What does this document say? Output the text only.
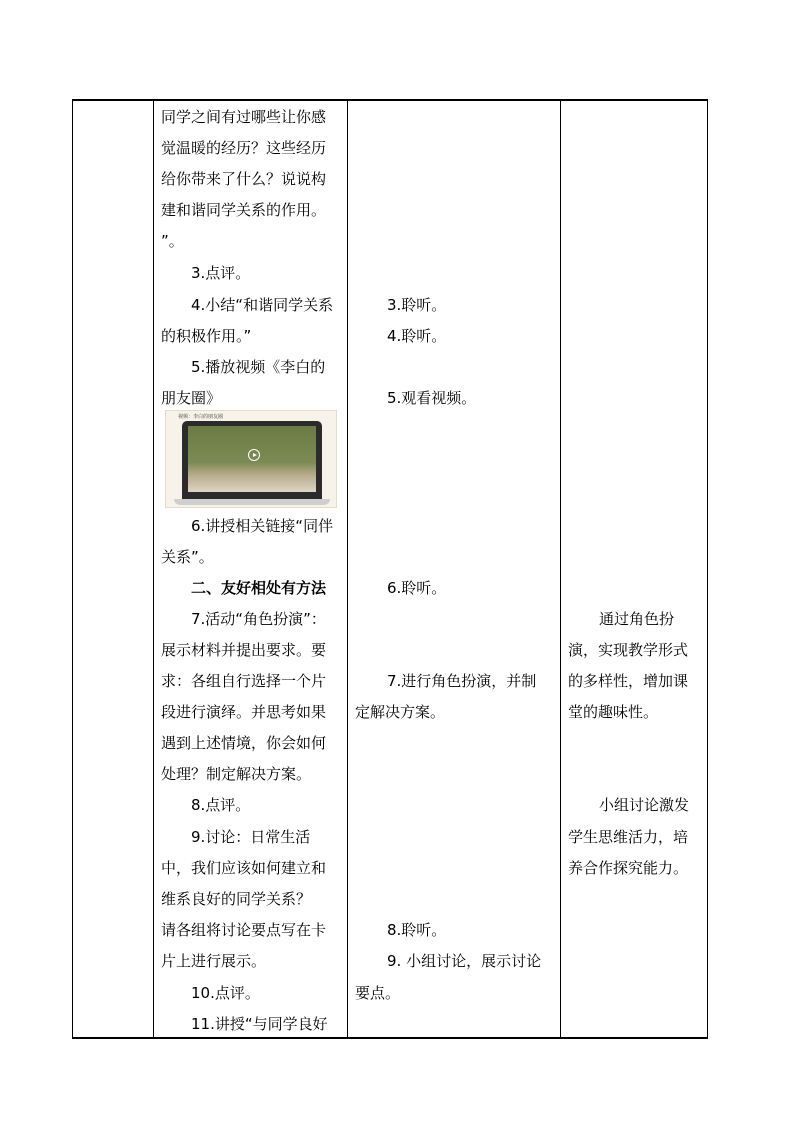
同学之间有过哪些让你感
觉温暖的经历？这些经历
给你带来了什么？说说构
建和谐同学关系的作用。
”。
3.点评。
4.小结“和谐同学关系
的积极作用。”
5.播放视频《李白的
朋友圈》
6.讲授相关链接“同伴
关系”。
二、友好相处有方法
7.活动“角色扮演”：
展示材料并提出要求。要
求：各组自行选择一个片
段进行演绎。并思考如果
遇到上述情境，你会如何
处理？制定解决方案。
8.点评。
9.讨论：日常生活
中，我们应该如何建立和
维系良好的同学关系？
请各组将讨论要点写在卡
片上进行展示。
10.点评。
11.讲授“与同学良好
视频：李白的朋友圈
3.聆听。
4.聆听。
5.观看视频。
6.聆听。
7.进行角色扮演，并制
定解决方案。
8.聆听。
9. 小组讨论，展示讨论
要点。
通过角色扮
演，实现教学形式
的多样性，增加课
堂的趣味性。
小组讨论激发
学生思维活力，培
养合作探究能力。
